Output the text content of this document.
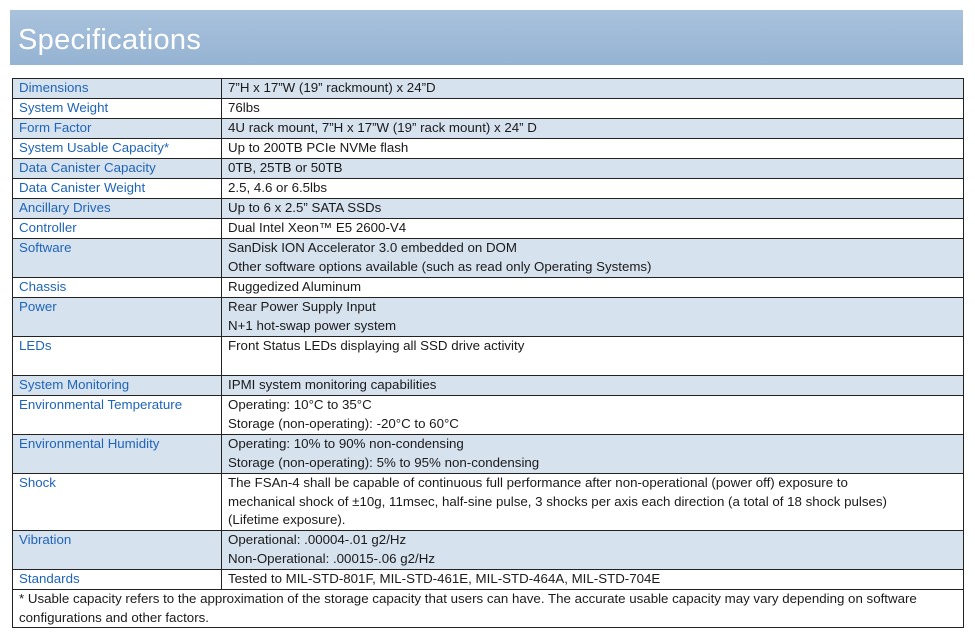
Specifications
Dimensions	7”H x 17”W (19” rackmount) x 24”D

System Weight	76lbs

Form Factor	4U rack mount, 7”H x 17”W (19” rack mount) x 24” D

System Usable Capacity*	Up to 200TB PCIe NVMe flash

Data Canister Capacity	0TB, 25TB or 50TB

Data Canister Weight	2.5, 4.6 or 6.5lbs

Ancillary Drives	Up to 6 x 2.5” SATA SSDs

Controller	Dual Intel Xeon™ E5 2600-V4

Software	SanDisk ION Accelerator 3.0 embedded on DOM
Other software options available (such as read only Operating Systems)

Chassis	Ruggedized Aluminum

Power	Rear Power Supply Input
N+1 hot-swap power system

LEDs	Front Status LEDs displaying all SSD drive activity

System Monitoring	IPMI system monitoring capabilities

Environmental Temperature	Operating: 10°C to 35°C
Storage (non-operating): -20°C to 60°C

Environmental Humidity	Operating: 10% to 90% non-condensing
Storage (non-operating): 5% to 95% non-condensing

Shock	The FSAn-4 shall be capable of continuous full performance after non-operational (power off) exposure to
mechanical shock of ±10g, 11msec, half-sine pulse, 3 shocks per axis each direction (a total of 18 shock pulses)
(Lifetime exposure).

Vibration	Operational: .00004-.01 g2/Hz
Non-Operational: .00015-.06 g2/Hz

Standards	Tested to MIL-STD-801F, MIL-STD-461E, MIL-STD-464A, MIL-STD-704E

* Usable capacity refers to the approximation of the storage capacity that users can have. The accurate usable capacity may vary depending on software configurations and other factors.	
